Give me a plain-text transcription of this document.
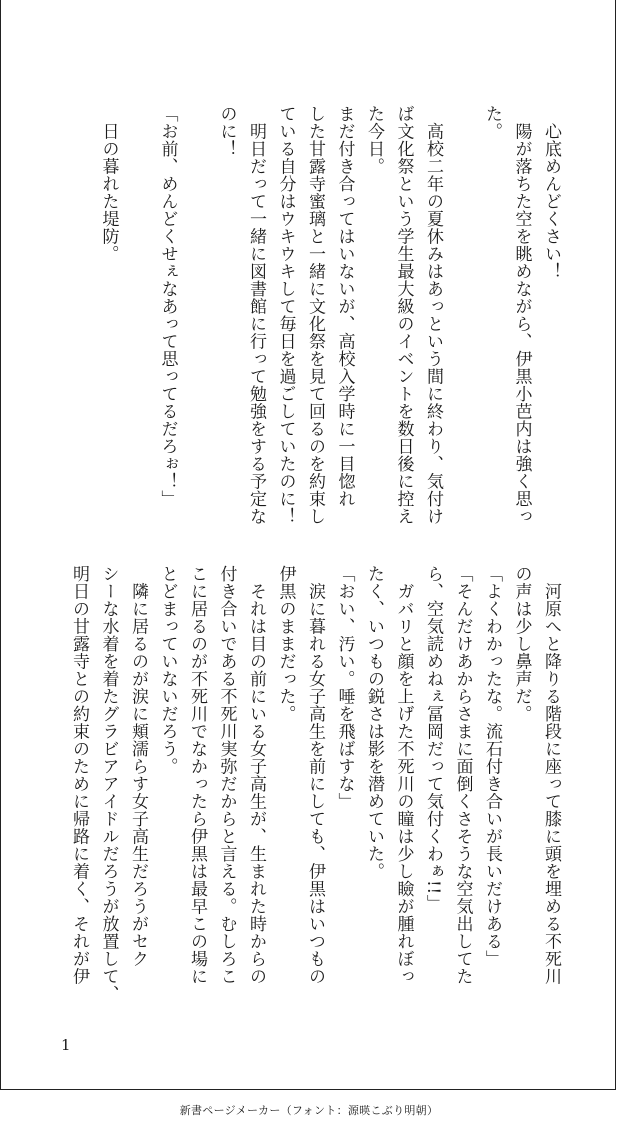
　心底めんどくさい！
　陽が落ちた空を眺めながら、伊黒小芭内は強く思っ
た。

　高校二年の夏休みはあっという間に終わり、気付け
ば文化祭という学生最大級のイベントを数日後に控え
た今日。
まだ付き合ってはいないが、高校入学時に一目惚れ
した甘露寺蜜璃と一緒に文化祭を見て回るのを約束し
ている自分はウキウキして毎日を過ごしていたのに！
　明日だって一緒に図書館に行って勉強をする予定な
のに！

「お前、めんどくせぇなあって思ってるだろぉ！」

　日の暮れた堤防。
　河原へと降りる階段に座って膝に頭を埋める不死川
の声は少し鼻声だ。
「よくわかったな。流石付き合いが長いだけある」
「そんだけあからさまに面倒くさそうな空気出してた
ら、空気読めねぇ冨岡だって気付くわぁ!!」
　ガバリと顔を上げた不死川の瞳は少し瞼が腫れぼっ
たく、いつもの鋭さは影を潜めていた。
「おい、汚い。唾を飛ばすな」
　涙に暮れる女子高生を前にしても、伊黒はいつもの
伊黒のままだった。
　それは目の前にいる女子高生が、生まれた時からの
付き合いである不死川実弥だからと言える。むしろこ
こに居るのが不死川でなかったら伊黒は最早この場に
とどまっていないだろう。
　隣に居るのが涙に頬濡らす女子高生だろうがセク
シーな水着を着たグラビアアイドルだろうが放置して、
明日の甘露寺との約束のために帰路に着く、それが伊
1
新書ページメーカー（フォント：源暎こぶり明朝）
